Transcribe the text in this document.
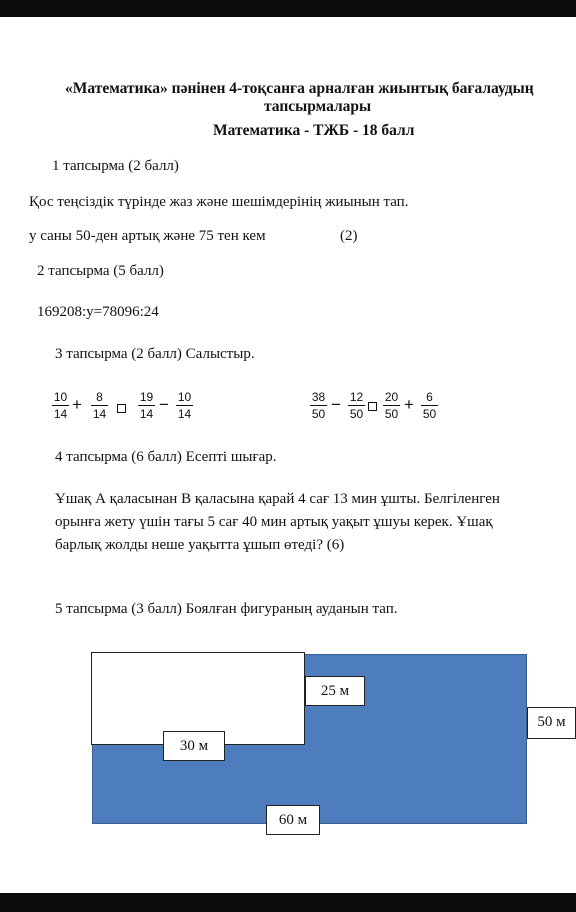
«Математика» пәнінен 4-тоқсанға арналған жиынтық бағалаудың
тапсырмалары
Математика - ТЖБ - 18 балл
1 тапсырма (2 балл)
Қос теңсіздік түрінде жаз және шешімдерінің жиынын тап.
у саны 50-ден артық және 75 тен кем	(2)
2 тапсырма (5 балл)
169208:у=78096:24
3 тапсырма (2 балл) Салыстыр.
$\frac{10}{14} + \frac{8}{14}$	$\frac{19}{14} - \frac{10}{14}$	$\frac{38}{50} - \frac{12}{50} \frac{20}{50} + \frac{6}{50}$
4 тапсырма (6 балл) Есепті шығар.
Ұшақ А қаласынан В қаласына қарай 4 сағ 13 мин ұшты. Белгіленген
орынға жету үшін тағы 5 сағ 40 мин артық уақыт ұшуы керек. Ұшақ
барлық жолды неше уақытта ұшып өтеді? (6)
5 тапсырма (3 балл) Боялған фигураның ауданын тап.
25 м
50 м
30 м
60 м
